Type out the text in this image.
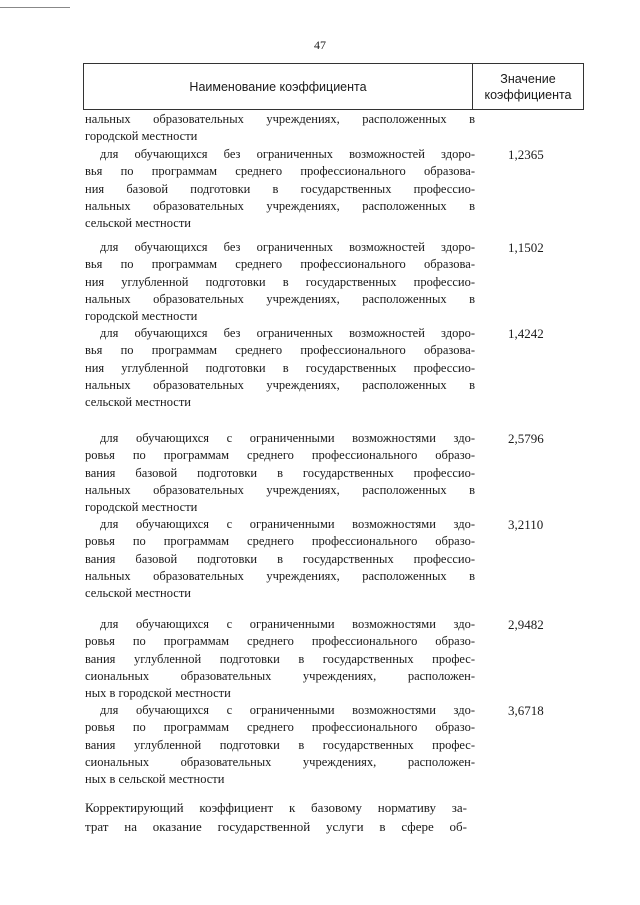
47
Наименование коэффициента
Значение
коэффициента
нальных образовательных учреждениях, расположенных в
городской местности
для обучающихся без ограниченных возможностей здоро-
вья по программам среднего профессионального образова-
ния базовой подготовки в государственных профессио-
нальных образовательных учреждениях, расположенных в
сельской местности
1,2365
для обучающихся без ограниченных возможностей здоро-
вья по программам среднего профессионального образова-
ния углубленной подготовки в государственных профессио-
нальных образовательных учреждениях, расположенных в
городской местности
1,1502
для обучающихся без ограниченных возможностей здоро-
вья по программам среднего профессионального образова-
ния углубленной подготовки в государственных профессио-
нальных образовательных учреждениях, расположенных в
сельской местности
1,4242
для обучающихся с ограниченными возможностями здо-
ровья по программам среднего профессионального образо-
вания базовой подготовки в государственных профессио-
нальных образовательных учреждениях, расположенных в
городской местности
2,5796
для обучающихся с ограниченными возможностями здо-
ровья по программам среднего профессионального образо-
вания базовой подготовки в государственных профессио-
нальных образовательных учреждениях, расположенных в
сельской местности
3,2110
для обучающихся с ограниченными возможностями здо-
ровья по программам среднего профессионального образо-
вания углубленной подготовки в государственных профес-
сиональных образовательных учреждениях, расположен-
ных в городской местности
2,9482
для обучающихся с ограниченными возможностями здо-
ровья по программам среднего профессионального образо-
вания углубленной подготовки в государственных профес-
сиональных образовательных учреждениях, расположен-
ных в сельской местности
3,6718
Корректирующий коэффициент к базовому нормативу за-
трат на оказание государственной услуги в сфере об-
